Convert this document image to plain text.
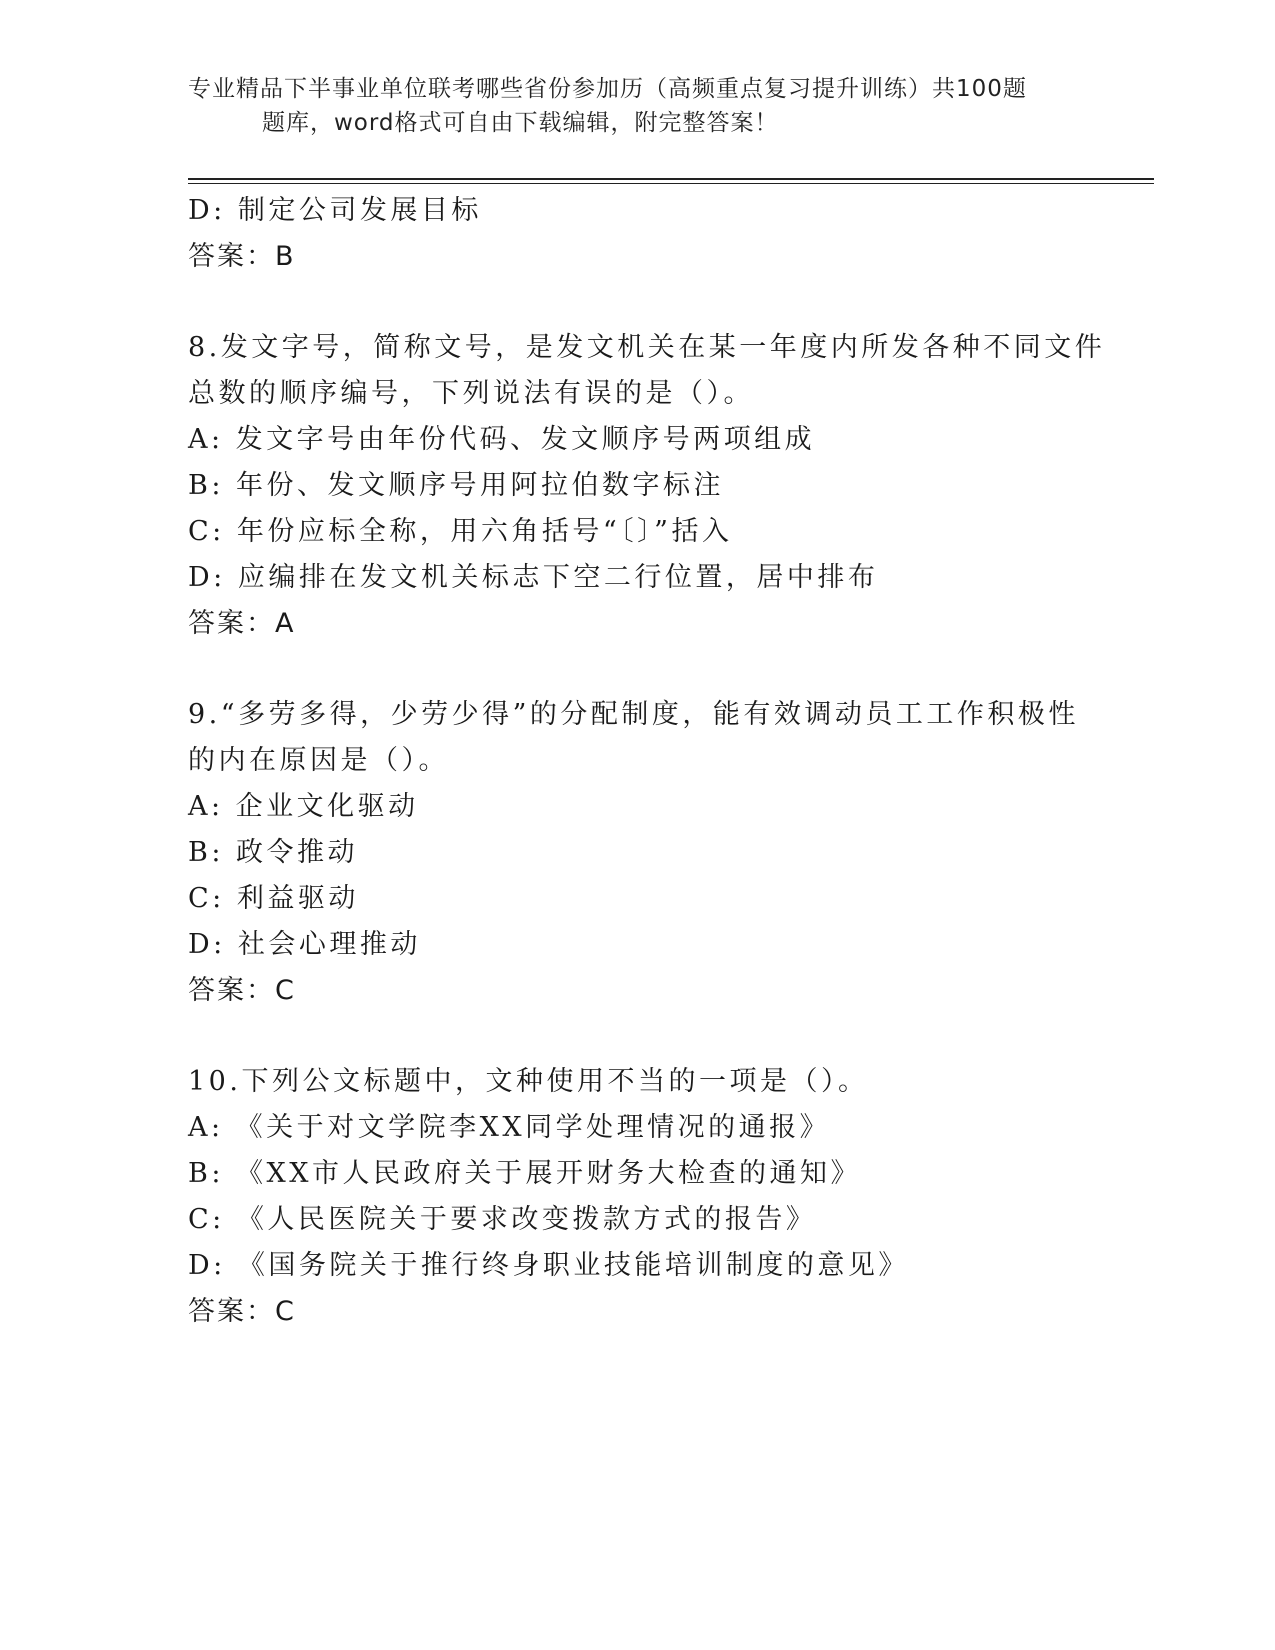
专业精品下半事业单位联考哪些省份参加历（高频重点复习提升训练）共100题
题库，word格式可自由下载编辑，附完整答案！
D: 制定公司发展目标
答案：B
8.发文字号，简称文号，是发文机关在某一年度内所发各种不同文件
总数的顺序编号，下列说法有误的是（）。
A: 发文字号由年份代码、发文顺序号两项组成
B: 年份、发文顺序号用阿拉伯数字标注
C: 年份应标全称，用六角括号“〔〕”括入
D: 应编排在发文机关标志下空二行位置，居中排布
答案：A
9.“多劳多得，少劳少得”的分配制度，能有效调动员工工作积极性
的内在原因是（）。
A: 企业文化驱动
B: 政令推动
C: 利益驱动
D: 社会心理推动
答案：C
10.下列公文标题中，文种使用不当的一项是（）。
A: 《关于对文学院李XX同学处理情况的通报》
B: 《XX市人民政府关于展开财务大检查的通知》
C: 《人民医院关于要求改变拨款方式的报告》
D: 《国务院关于推行终身职业技能培训制度的意见》
答案：C
